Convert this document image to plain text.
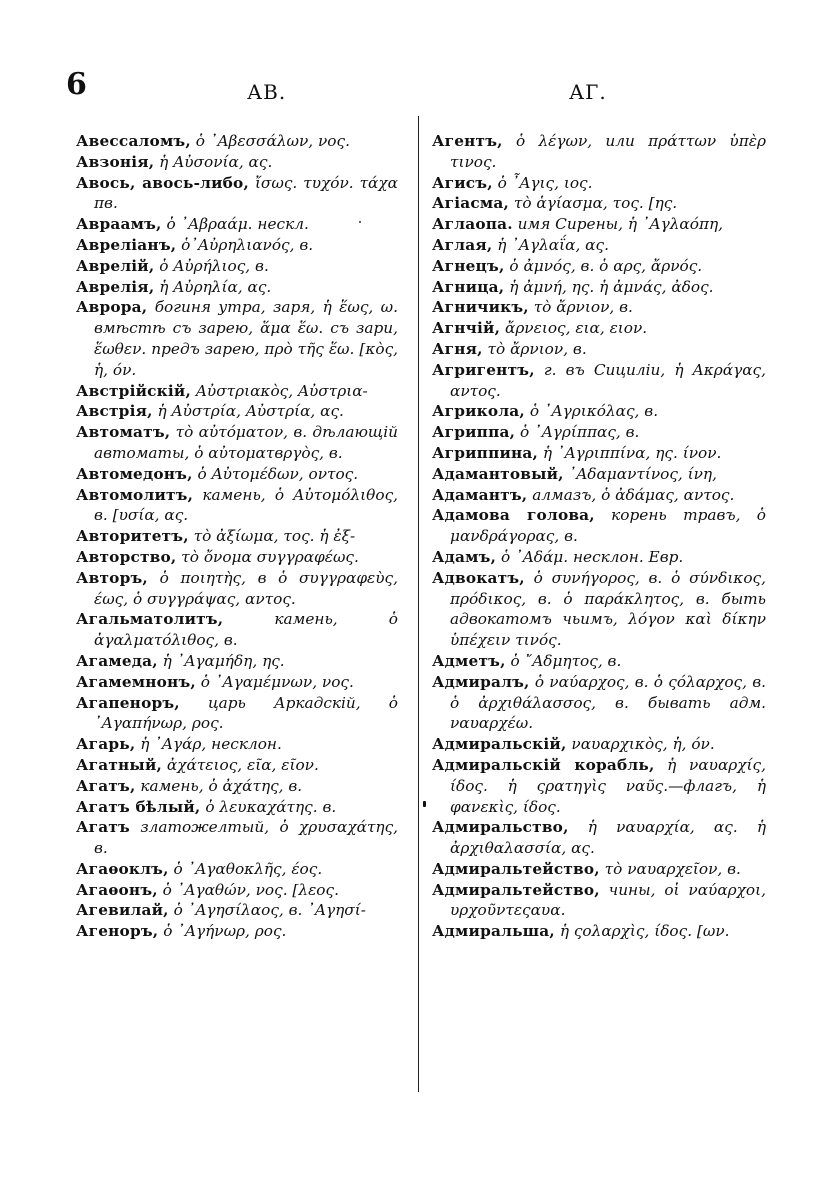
6	АВ.	АГ.

Авессаломъ, ὁ ᾿Αβεσσάλων, νος.

Авзонія, ἡ Αὐσονία, ας.

Авось, авось-либо, ἴσως. τυχόν. τάχα πв.

Авраамъ, ὁ ᾿Αβραάμ. неcкл.

Авреліанъ, ὁ᾿Αὐρηλιανός, в.

Аврелій, ὁ Αὐρήλιος, в.

Аврелія, ἡ Αὐρηλία, ας.

Аврора, богиня утра, заря, ἡ ἕως, ω. вмѣстѣ съ зарею, ἅμα ἕω. съ зари, ἕωθεν. предъ зарею, πρὸ τῆς ἕω. [κὸς, ἡ, όν.

Австрійскій, Αὐστριακὸς, Αὐστρια-

Австрія, ἡ Αὐστρία, Αὐστρία, ας.

Автоматъ, τὸ αὐτόματον, в. дѣлающій автоматы, ὁ αὐτοματвργὸς, в.

Автомедонъ, ὁ Αὐτομέδων, οντος.

Автомолитъ, камень, ὁ Αὐτομόλιθος, в. [υσία, ας.

Авторитетъ, τὸ ἀξίωμα, τος. ἡ ἐξ-

Авторство, τὸ ὄνομα συγγραφέως.

Авторъ, ὁ ποιητὴς, в ὁ συγγραφεὺς, έως, ὁ συγγράψας, αντος.

Агальматолитъ,	камень, ὁ ἀγαλματόλιθος, в.

Агамеда, ἡ ᾿Αγαμήδη, ης.

Агамемнонъ, ὁ ᾿Αγαμέμνων, νος.

Агапеноръ, царь Аркадскій, ὁ ᾿Αγαπήνωρ, ρος.

Агарь, ἡ ᾿Αγάρ, несклон.

Агатный, ἀχάτειος, εῖα, εῖον.

Агатъ, камень, ὁ ἀχάτης, в.

Агатъ бѣлый, ὁ λευκαχάτης. в.

Агатъ златожелтый, ὁ χρυσαχάτης, в.

Агаѳоклъ, ὁ ᾿Αγαθοκλῆς, έος.

Агаѳонъ, ὁ ᾿Αγαθών, νος. [λεος.

Агевилай, ὁ ᾿Αγησίλαος, в. ᾿Αγησί-

Агеноръ, ὁ ᾿Αγήνωρ, ρος.

Агентъ, ὁ λέγων, или πράττων ὑπὲρ τινος.

Агисъ, ὁ ῏Αγις, ιος.

Агіасма, τὸ ἁγίασμα, τος. [ης.

Аглаопа. имя Сирены, ἡ ᾿Αγλαόπη,

Аглая, ἡ ᾿Αγλαΐα, ας.

Агнецъ, ὁ ἀμνός, в. ὁ αρς, ἄρνός.

Агница, ἡ ἀμνή, ης. ἡ ἀμνάς, ἀδος.

Агничикъ, τὸ ἄρνιον, в.

Агнчій, ἄρνειος, εια, ειον.

Агня, τὸ ἄρνιον, в.

Агригентъ, г. въ Сициліи, ἡ Ακράγας, αντος.

Агрикола, ὁ ᾿Αγρικόλας, в.

Агриппа, ὁ ᾿Αγρίππας, в.

Агриппина, ἡ ᾿Αγριππίνα, ης. ίνον.

Адамантовый, ᾿Αδαμαντίνος, ίνη,

Адамантъ, алмазъ, ὁ ἀδάμας, αντος.

Адамова голова, корень травъ, ὁ μανδράγορας, в.

Адамъ, ὁ ᾿Αδάμ. несклон. Евр.

Адвокатъ, ὁ συνήγορος, в. ὁ σύνδικος, πρόδικος, в. ὁ παράκλητος, в. быть адвокатомъ чьимъ, λόγον καὶ δίκην ὑπέχειν τινός.

Адметъ, ὁ ῎Αδμητος, в.

Адмиралъ, ὁ ναύαρχος, в. ὁ ςόλαρχος, в. ὁ ἀρχιθάλασσος, в. бывать адм. ναυαρχέω.

Адмиральскій, ναυαρχικὸς, ἡ, όν.

Адмиральскій корабль, ἡ ναυαρχίς, ίδος. ἡ ςρατηγὶς ναῦς.—флагъ, ἡ φανεκὶς, ίδος.

Адмиральство, ἡ ναυαρχία, ας. ἡ ἀρχιθαλασσία, ας.

Адмиральтейство, τὸ ναυαρχεῖον, в.

Адмиральтейство, чины, οἱ ναύαρχοι, υρχοῦντεςαυα.

Адмиральша, ἡ ςολαρχὶς, ίδος. [ων.
